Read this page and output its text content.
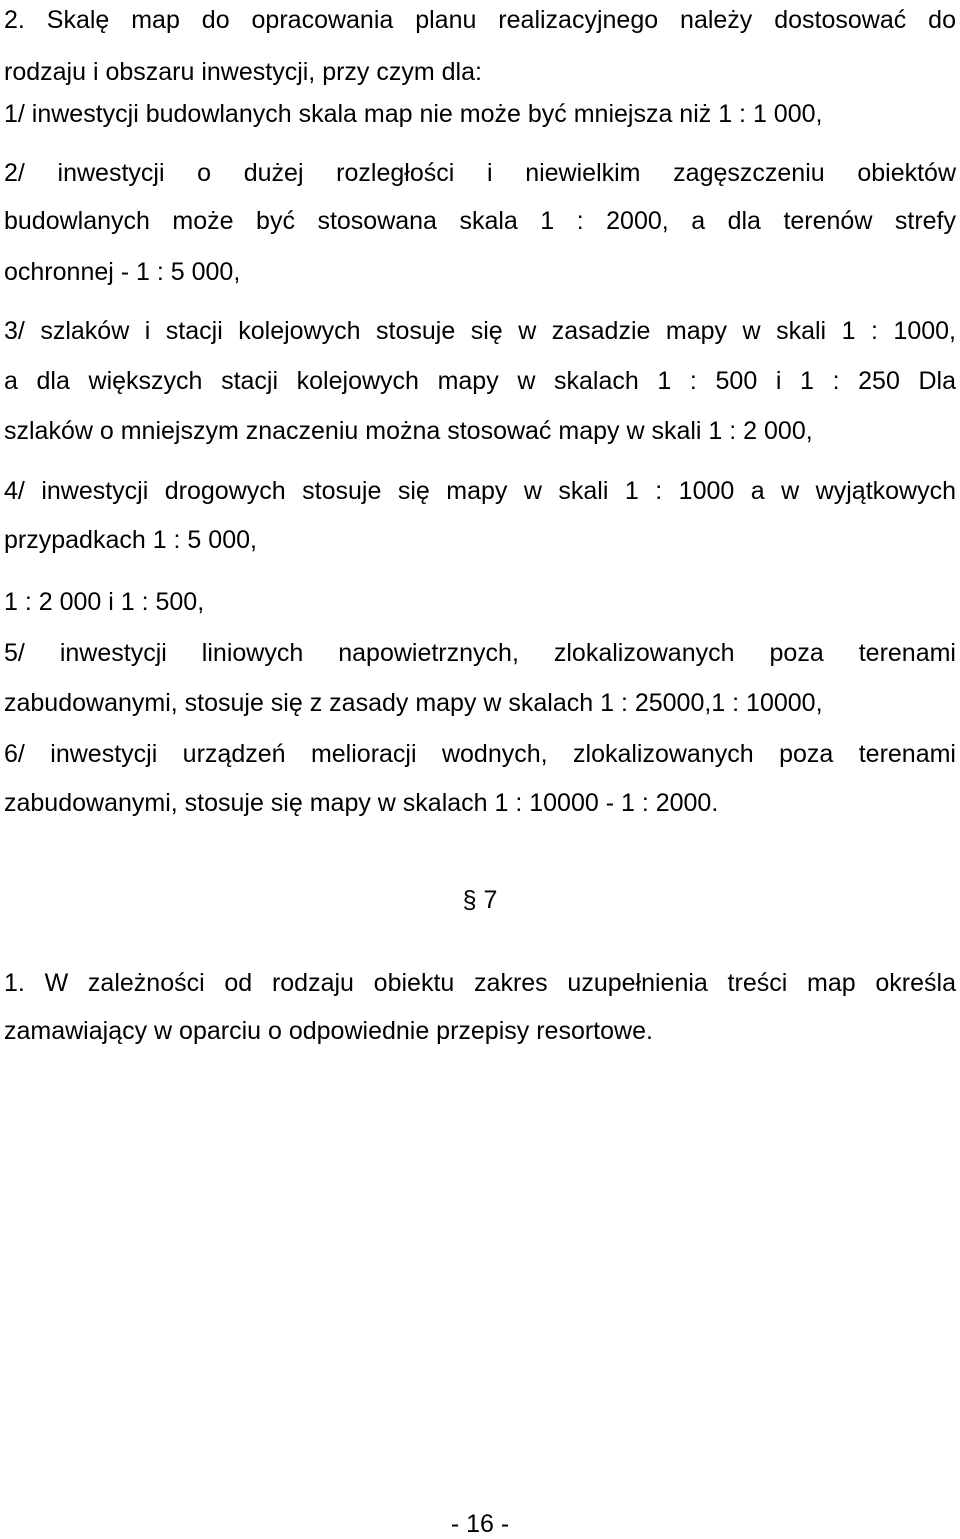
2. Skalę map do opracowania planu realizacyjnego należy dostosować do

rodzaju i obszaru inwestycji, przy czym dla:

1/ inwestycji budowlanych skala map nie może być mniejsza niż 1 : 1 000,

2/ inwestycji o dużej rozległości i niewielkim zagęszczeniu obiektów

budowlanych może być stosowana skala 1 : 2000, a dla terenów strefy

ochronnej - 1 : 5 000,

3/ szlaków i stacji kolejowych stosuje się w zasadzie mapy w skali 1 : 1000,

a dla większych stacji kolejowych mapy w skalach 1 : 500 i 1 : 250 Dla

szlaków o mniejszym znaczeniu można stosować mapy w skali 1 : 2 000,

4/ inwestycji drogowych stosuje się mapy w skali 1 : 1000 a w wyjątkowych

przypadkach 1 : 5 000,

1 : 2 000 i 1 : 500,

5/ inwestycji liniowych napowietrznych, zlokalizowanych poza terenami

zabudowanymi, stosuje się z zasady mapy w skalach 1 : 25000,1 : 10000,

6/ inwestycji urządzeń melioracji wodnych, zlokalizowanych poza terenami

zabudowanymi, stosuje się mapy w skalach 1 : 10000 - 1 : 2000.

§ 7

1. W zależności od rodzaju obiektu zakres uzupełnienia treści map określa

zamawiający w oparciu o odpowiednie przepisy resortowe.

- 16 -
